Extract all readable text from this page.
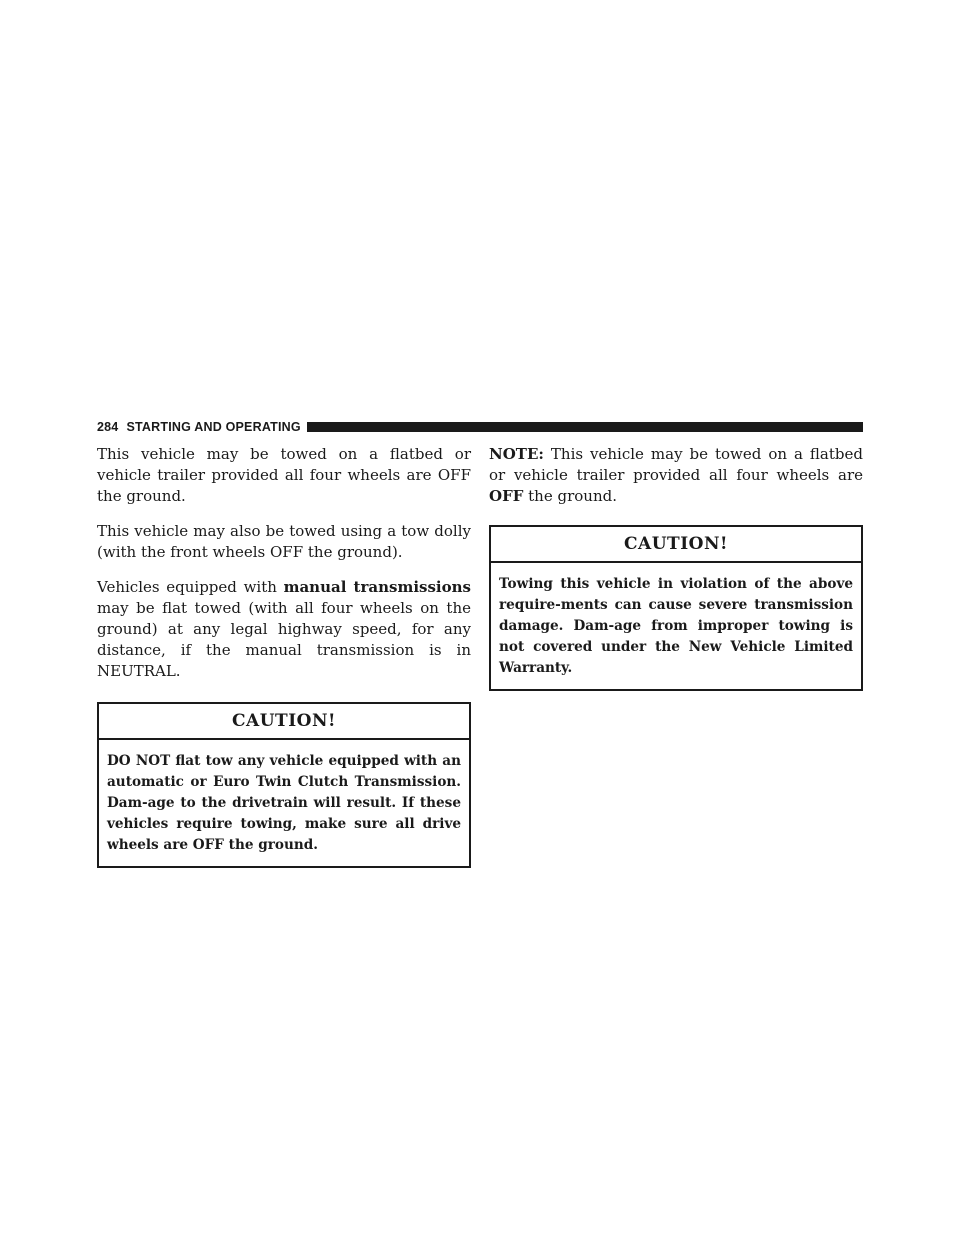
284 STARTING AND OPERATING

This vehicle may be towed on a flatbed or vehicle trailer provided all four wheels are OFF the ground.

This vehicle may also be towed using a tow dolly (with the front wheels OFF the ground).

Vehicles equipped with manual transmissions may be flat towed (with all four wheels on the ground) at any legal highway speed, for any distance, if the manual transmission is in NEUTRAL.

CAUTION!
DO NOT flat tow any vehicle equipped with an automatic or Euro Twin Clutch Transmission. Dam-age to the drivetrain will result. If these vehicles require towing, make sure all drive wheels are OFF the ground.

NOTE: This vehicle may be towed on a flatbed or vehicle trailer provided all four wheels are OFF the ground.

CAUTION!
Towing this vehicle in violation of the above require-ments can cause severe transmission damage. Dam-age from improper towing is not covered under the New Vehicle Limited Warranty.
